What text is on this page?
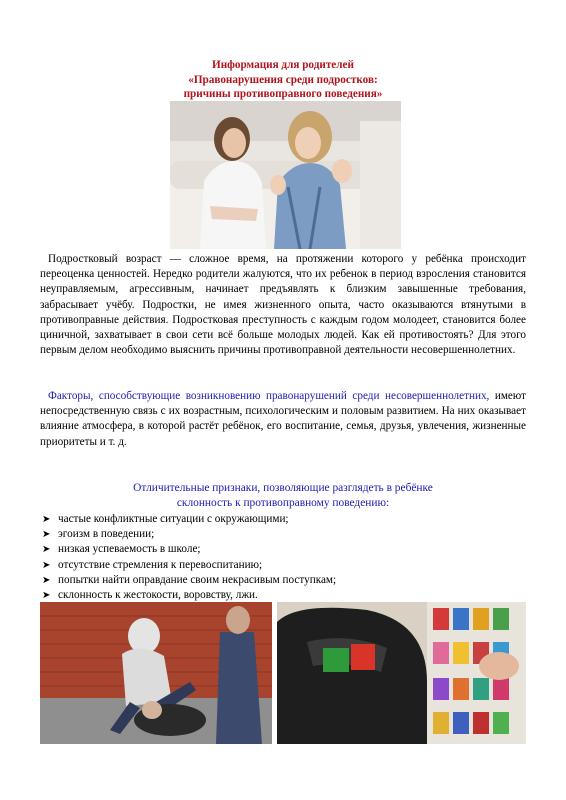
Информация для родителей
«Правонарушения среди подростков:
причины противоправного поведения»

Подростковый возраст — сложное время, на протяжении которого у ребёнка происходит переоценка ценностей. Нередко родители жалуются, что их ребенок в период взросления становится неуправляемым, агрессивным, начинает предъявлять к близким завышенные требования, забрасывает учёбу. Подростки, не имея жизненного опыта, часто оказываются втянутыми в противоправные действия. Подростковая преступность с каждым годом молодеет, становится более циничной, захватывает в свои сети всё больше молодых людей. Как ей противостоять? Для этого первым делом необходимо выяснить причины противоправной деятельности несовершеннолетних.

Факторы, способствующие возникновению правонарушений среди несовершеннолетних, имеют непосредственную связь с их возрастным, психологическим и половым развитием. На них оказывает влияние атмосфера, в которой растёт ребёнок, его воспитание, семья, друзья, увлечения, жизненные приоритеты и т. д.

Отличительные признаки, позволяющие разглядеть в ребёнке
склонность к противоправному поведению:
➤ частые конфликтные ситуации с окружающими;
➤ эгоизм в поведении;
➤ низкая успеваемость в школе;
➤ отсутствие стремления к перевоспитанию;
➤ попытки найти оправдание своим некрасивым поступкам;
➤ склонность к жестокости, воровству, лжи.
